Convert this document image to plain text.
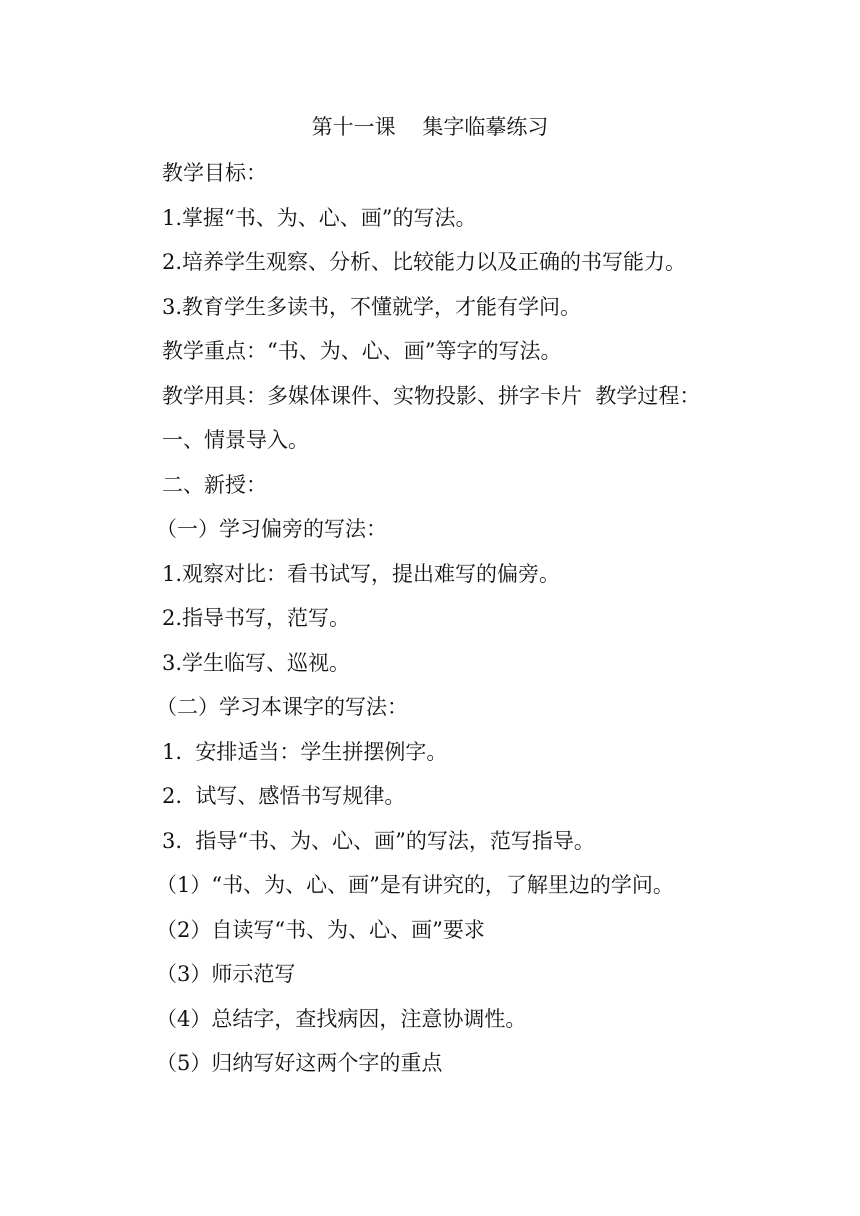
第十一课    集字临摹练习
教学目标：
1.掌握“书、为、心、画”的写法。
2.培养学生观察、分析、比较能力以及正确的书写能力。
3.教育学生多读书，不懂就学，才能有学问。
教学重点：“书、为、心、画”等字的写法。
教学用具：多媒体课件、实物投影、拼字卡片  教学过程：
一、情景导入。
二、新授：
（一）学习偏旁的写法：
1.观察对比：看书试写，提出难写的偏旁。
2.指导书写，范写。
3.学生临写、巡视。
（二）学习本课字的写法：
1.  安排适当：学生拼摆例字。
2.  试写、感悟书写规律。
3.  指导“书、为、心、画”的写法，范写指导。
（1）“书、为、心、画”是有讲究的，了解里边的学问。
（2）自读写“书、为、心、画”要求
（3）师示范写
（4）总结字，查找病因，注意协调性。
（5）归纳写好这两个字的重点
